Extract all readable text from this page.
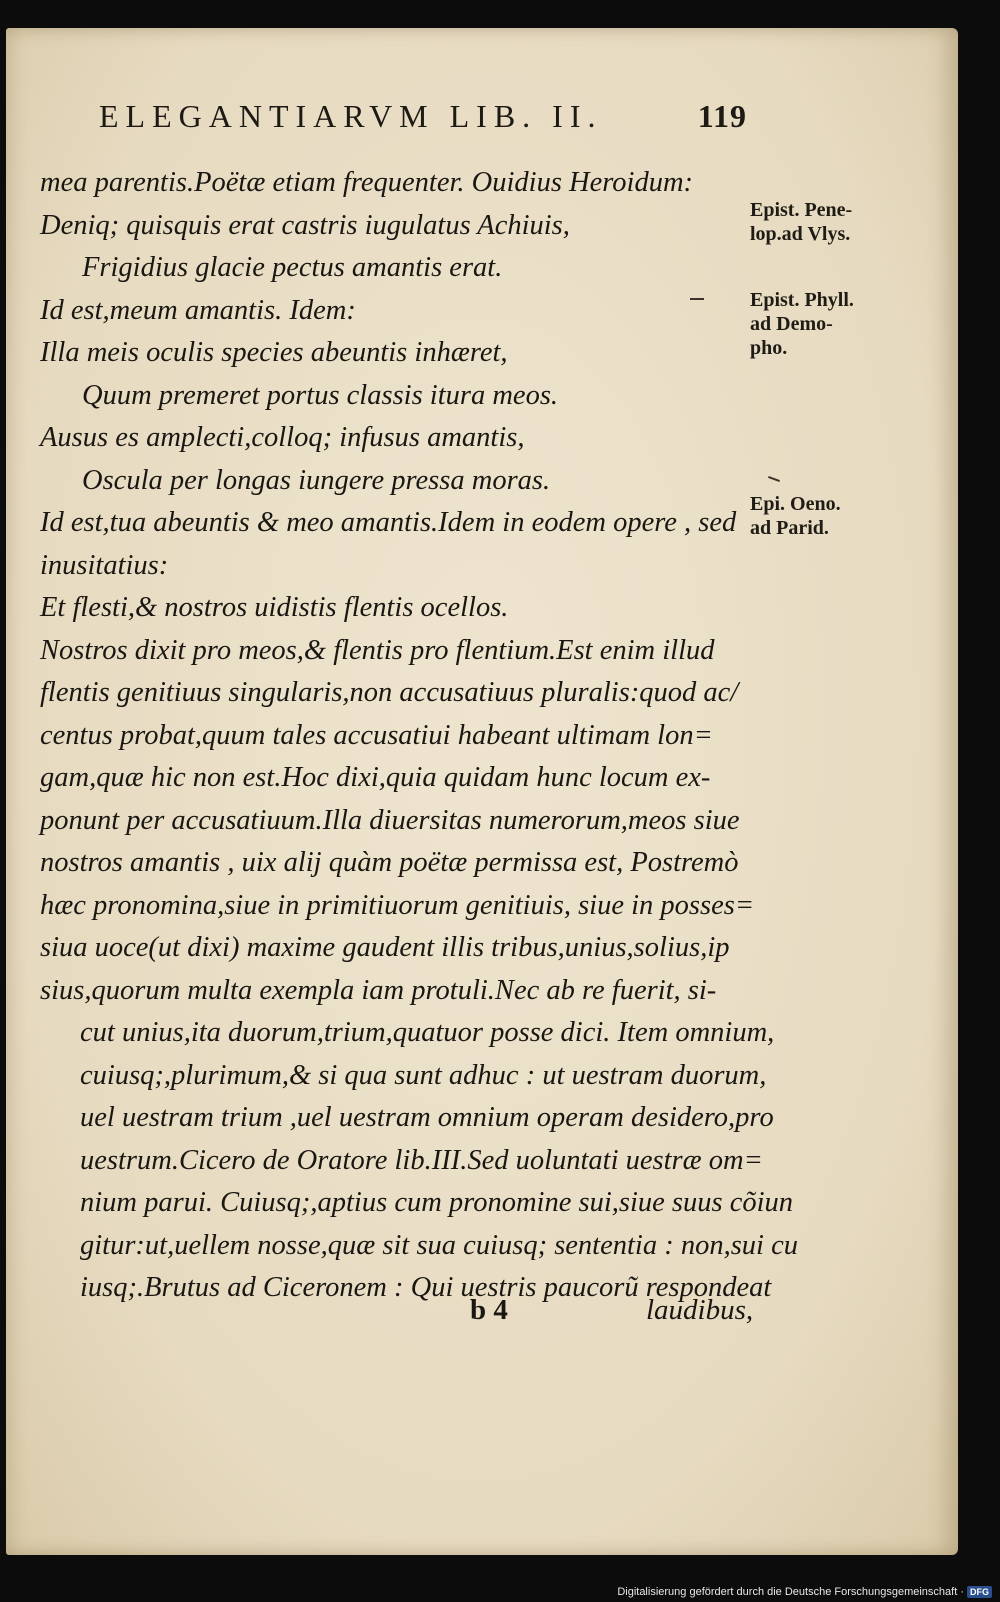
ELEGANTIARVM LIB. II.	119
mea parentis.Poëtæ etiam frequenter. Ouidius Heroidum:
Deniq; quisquis erat castris iugulatus Achiuis,
Frigidius glacie pectus amantis erat.
Id est,meum amantis. Idem:
Illa meis oculis species abeuntis inhæret,
Quum premeret portus classis itura meos.
Ausus es amplecti,colloq; infusus amantis,
Oscula per longas iungere pressa moras.
Id est,tua abeuntis & meo amantis.Idem in eodem opere , sed
inusitatius:
Et flesti,& nostros uidistis flentis ocellos.
Nostros dixit pro meos,& flentis pro flentium.Est enim illud
flentis genitiuus singularis,non accusatiuus pluralis:quod ac/
centus probat,quum tales accusatiui habeant ultimam lon=
gam,quæ hic non est.Hoc dixi,quia quidam hunc locum ex-
ponunt per accusatiuum.Illa diuersitas numerorum,meos siue
nostros amantis , uix alij quàm poëtæ permissa est, Postremò
hæc pronomina,siue in primitiuorum genitiuis, siue in posses=
siua uoce(ut dixi) maxime gaudent illis tribus,unius,solius,ip
sius,quorum multa exempla iam protuli.Nec ab re fuerit, si-
cut unius,ita duorum,trium,quatuor posse dici. Item omnium,
cuiusq;,plurimum,& si qua sunt adhuc : ut uestram duorum,
uel uestram trium ,uel uestram omnium operam desidero,pro
uestrum.Cicero de Oratore lib.III.Sed uoluntati uestræ om=
nium parui. Cuiusq;,aptius cum pronomine sui,siue suus cõiun
gitur:ut,uellem nosse,quæ sit sua cuiusq; sententia : non,sui cu
iusq;.Brutus ad Ciceronem : Qui uestris paucorũ respondeat
b 4	laudibus,
Epist. Pene-
lop.ad Vlys.
Epist. Phyll.
ad Demo-
pho.
Epi. Oeno.
ad Parid.
Digitalisierung gefördert durch die Deutsche Forschungsgemeinschaft · DFG
